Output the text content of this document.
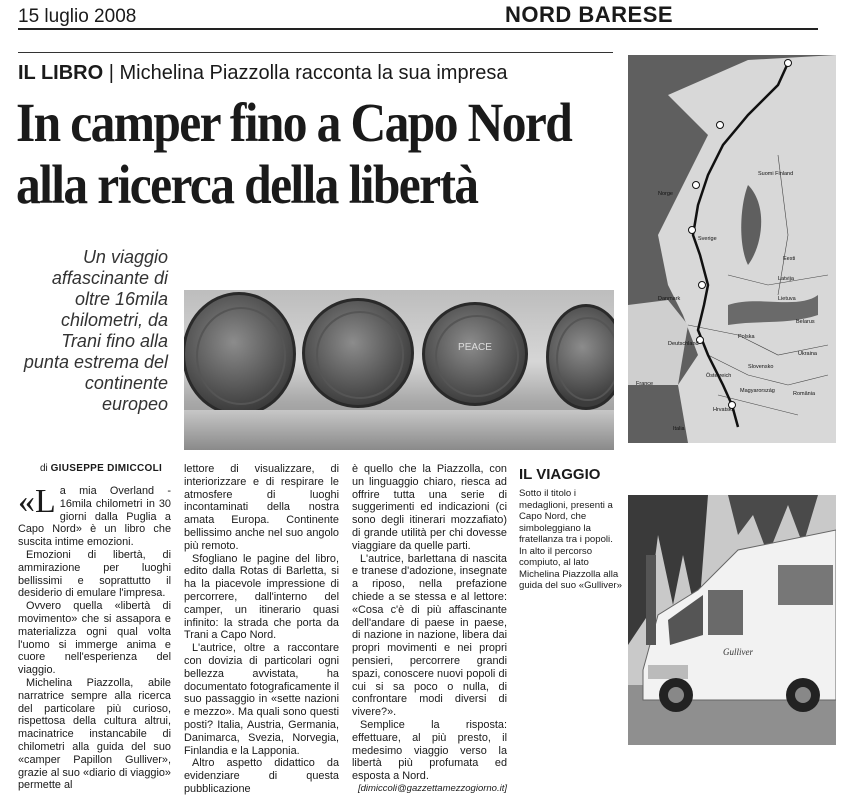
15 luglio 2008	NORD BARESE
IL LIBRO | Michelina Piazzolla racconta la sua impresa
In camper fino a Capo Nord
alla ricerca della libertà
Un viaggio affascinante di oltre 16mila chilometri, da Trani fino alla punta estrema del continente europeo
PEACE
Norge
Sverige
Suomi Finland
Danmark
Deutschland
France
Italia
Polska
Österreich
Slovensko
Magyarország	România
Hrvatska
Latvija
Lietuva
Eesti
Belarus
Ukraina
di GIUSEPPE DIMICCOLI

«La mia Overland - 16mila chilometri in 30 giorni dalla Puglia a Capo Nord» è un libro che suscita intime emozioni.

Emozioni di libertà, di ammirazione per luoghi bellissimi e soprattutto il desiderio di emulare l'impresa.

Ovvero quella «libertà di movimento» che si assapora e materializza ogni qual volta l'uomo si immerge anima e cuore nell'esperienza del viaggio.

Michelina Piazzolla, abile narratrice sempre alla ricerca del particolare più curioso, rispettosa della cultura altrui, macinatrice instancabile di chilometri alla guida del suo «camper Papillon Gulliver», grazie al suo «diario di viaggio» permette al

lettore di visualizzare, di interiorizzare e di respirare le atmosfere di luoghi incontaminati della nostra amata Europa. Continente bellissimo anche nel suo angolo più remoto.

Sfogliano le pagine del libro, edito dalla Rotas di Barletta, si ha la piacevole impressione di percorrere, dall'interno del camper, un itinerario quasi infinito: la strada che porta da Trani a Capo Nord.

L'autrice, oltre a raccontare con dovizia di particolari ogni bellezza avvistata, ha documentato fotograficamente il suo passaggio in «sette nazioni e mezzo». Ma quali sono questi posti? Italia, Austria, Germania, Danimarca, Svezia, Norvegia, Finlandia e la Lapponia.

Altro aspetto didattico da evidenziare di questa pubblicazione

è quello che la Piazzolla, con un linguaggio chiaro, riesca ad offrire tutta una serie di suggerimenti ed indicazioni (ci sono degli itinerari mozzafiato) di grande utilità per chi dovesse viaggiare da quelle parti.

L'autrice, barlettana di nascita e tranese d'adozione, insegnate a riposo, nella prefazione chiede a se stessa e al lettore: «Cosa c'è di più affascinante dell'andare di paese in paese, di nazione in nazione, libera dai propri movimenti e nei propri pensieri, percorrere grandi spazi, conoscere nuovi popoli di cui si sa poco o nulla, di confrontare modi diversi di vivere?».

Semplice la risposta: effettuare, al più presto, il medesimo viaggio verso la libertà più profumata ed esposta a Nord.

[dimiccoli@gazzettamezzogiorno.it]

IL VIAGGIO
Sotto il titolo i medaglioni, presenti a Capo Nord, che simboleggiano la fratellanza tra i popoli. In alto il percorso compiuto, al lato Michelina Piazzolla alla guida del suo «Gulliver»
Gulliver
